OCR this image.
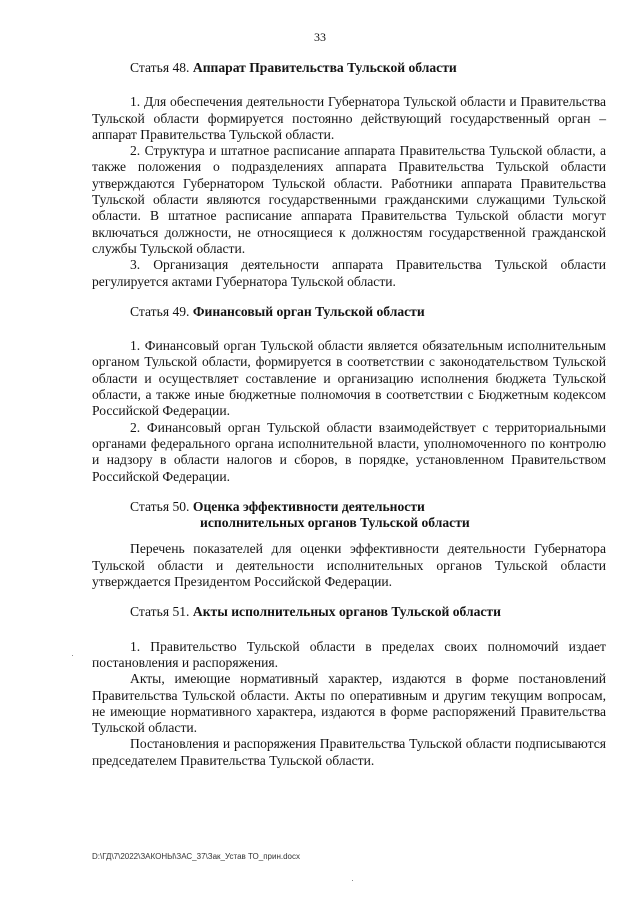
33
Статья 48. Аппарат Правительства Тульской области

1. Для обеспечения деятельности Губернатора Тульской области и Правительства Тульской области формируется постоянно действующий государственный орган – аппарат Правительства Тульской области.

2. Структура и штатное расписание аппарата Правительства Тульской области, а также положения о подразделениях аппарата Правительства Тульской области утверждаются Губернатором Тульской области. Работники аппарата Правительства Тульской области являются государственными гражданскими служащими Тульской области. В штатное расписание аппарата Правительства Тульской области могут включаться должности, не относящиеся к должностям государственной гражданской службы Тульской области.

3. Организация деятельности аппарата Правительства Тульской области регулируется актами Губернатора Тульской области.

Статья 49. Финансовый орган Тульской области

1. Финансовый орган Тульской области является обязательным исполнительным органом Тульской области, формируется в соответствии с законодательством Тульской области и осуществляет составление и организацию исполнения бюджета Тульской области, а также иные бюджетные полномочия в соответствии с Бюджетным кодексом Российской Федерации.

2. Финансовый орган Тульской области взаимодействует с территориальными органами федерального органа исполнительной власти, уполномоченного по контролю и надзору в области налогов и сборов, в порядке, установленном Правительством Российской Федерации.

Статья 50. Оценка эффективности деятельности
исполнительных органов Тульской области

Перечень показателей для оценки эффективности деятельности Губернатора Тульской области и деятельности исполнительных органов Тульской области утверждается Президентом Российской Федерации.

Статья 51. Акты исполнительных органов Тульской области

1. Правительство Тульской области в пределах своих полномочий издает постановления и распоряжения.

Акты, имеющие нормативный характер, издаются в форме постановлений Правительства Тульской области. Акты по оперативным и другим текущим вопросам, не имеющие нормативного характера, издаются в форме распоряжений Правительства Тульской области.

Постановления и распоряжения Правительства Тульской области подписываются председателем Правительства Тульской области.

D:\ГД\7\2022\ЗАКОНЫ\ЗАС_37\Зак_Устав ТО_прин.docx
